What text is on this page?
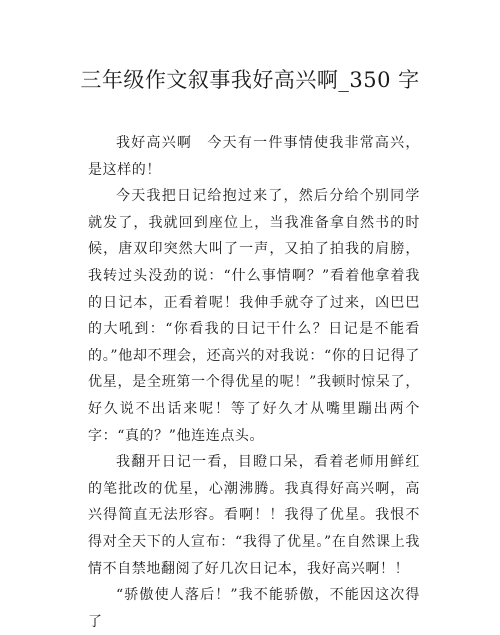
三年级作文叙事我好高兴啊_350 字

我好高兴啊　今天有一件事情使我非常高兴，是这样的！

今天我把日记给抱过来了，然后分给个别同学就发了，我就回到座位上，当我准备拿自然书的时候，唐双印突然大叫了一声，又拍了拍我的肩膀，我转过头没劲的说：“什么事情啊？”看着他拿着我的日记本，正看着呢！我伸手就夺了过来，凶巴巴的大吼到：“你看我的日记干什么？日记是不能看的。”他却不理会，还高兴的对我说：“你的日记得了优星，是全班第一个得优星的呢！”我顿时惊呆了，好久说不出话来呢！等了好久才从嘴里蹦出两个字：“真的？”他连连点头。

我翻开日记一看，目瞪口呆，看着老师用鲜红的笔批改的优星，心潮沸腾。我真得好高兴啊，高兴得简直无法形容。看啊！！我得了优星。我恨不得对全天下的人宣布：“我得了优星。”在自然课上我情不自禁地翻阅了好几次日记本，我好高兴啊！！

“骄傲使人落后！”我不能骄傲，不能因这次得了
